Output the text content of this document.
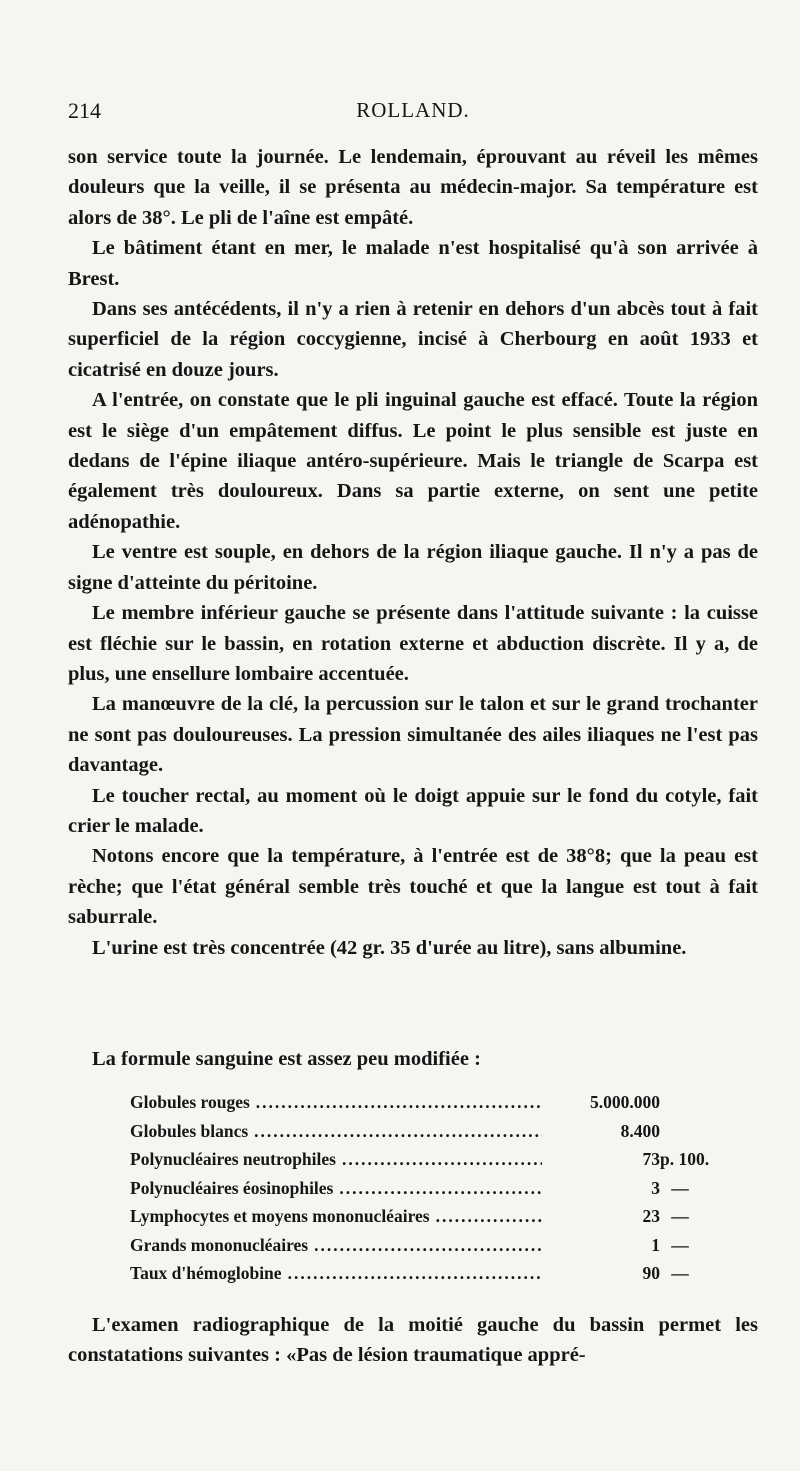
214	ROLLAND.

son service toute la journée. Le lendemain, éprouvant au réveil les mêmes douleurs que la veille, il se présenta au médecin-major. Sa température est alors de 38°. Le pli de l'aîne est empâté.

Le bâtiment étant en mer, le malade n'est hospitalisé qu'à son arrivée à Brest.

Dans ses antécédents, il n'y a rien à retenir en dehors d'un abcès tout à fait superficiel de la région coccygienne, incisé à Cherbourg en août 1933 et cicatrisé en douze jours.

A l'entrée, on constate que le pli inguinal gauche est effacé. Toute la région est le siège d'un empâtement diffus. Le point le plus sensible est juste en dedans de l'épine iliaque antéro-supérieure. Mais le triangle de Scarpa est également très douloureux. Dans sa partie externe, on sent une petite adénopathie.

Le ventre est souple, en dehors de la région iliaque gauche. Il n'y a pas de signe d'atteinte du péritoine.

Le membre inférieur gauche se présente dans l'attitude suivante : la cuisse est fléchie sur le bassin, en rotation externe et abduction discrète. Il y a, de plus, une ensellure lombaire accentuée.

La manœuvre de la clé, la percussion sur le talon et sur le grand trochanter ne sont pas douloureuses. La pression simultanée des ailes iliaques ne l'est pas davantage.

Le toucher rectal, au moment où le doigt appuie sur le fond du cotyle, fait crier le malade.

Notons encore que la température, à l'entrée est de 38°8; que la peau est rèche; que l'état général semble très touché et que la langue est tout à fait saburrale.

L'urine est très concentrée (42 gr. 35 d'urée au litre), sans albumine.

La formule sanguine est assez peu modifiée :

Globules rouges .....	5.000.000
Globules blancs .....	8.400
Polynucléaires neutrophiles .....	73 p. 100.
Polynucléaires éosinophiles .....	3 —
Lymphocytes et moyens mononucléaires .....	23 —
Grands mononucléaires .....	1 —
Taux d'hémoglobine .....	90 —

L'examen radiographique de la moitié gauche du bassin permet les constatations suivantes : «Pas de lésion traumatique appré-
